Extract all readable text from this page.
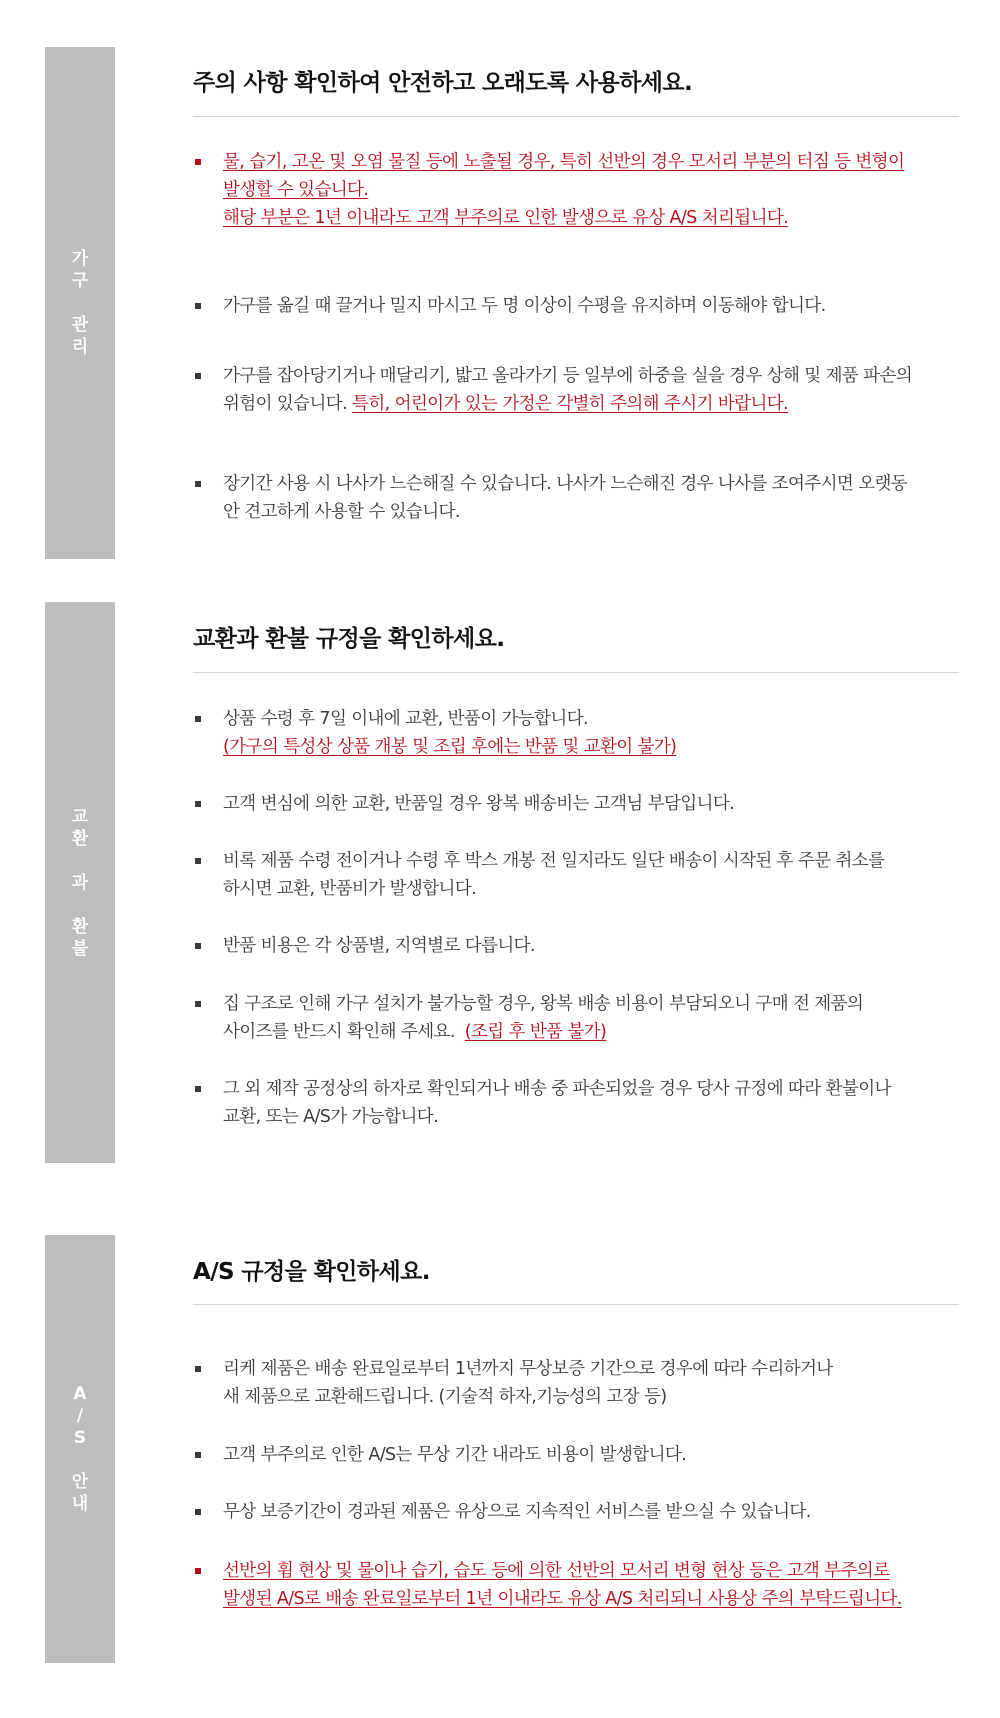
가
구
관
리
주의 사항 확인하여 안전하고 오래도록 사용하세요.
물, 습기, 고온 및 오염 물질 등에 노출될 경우, 특히 선반의 경우 모서리 부분의 터짐 등 변형이
발생할 수 있습니다.
해당 부분은 1년 이내라도 고객 부주의로 인한 발생으로 유상 A/S 처리됩니다.
가구를 옮길 때 끌거나 밀지 마시고 두 명 이상이 수평을 유지하며 이동해야 합니다.
가구를 잡아당기거나 매달리기, 밟고 올라가기 등 일부에 하중을 실을 경우 상해 및 제품 파손의
위험이 있습니다. 특히, 어린이가 있는 가정은 각별히 주의해 주시기 바랍니다.
장기간 사용 시 나사가 느슨해질 수 있습니다. 나사가 느슨해진 경우 나사를 조여주시면 오랫동
안 견고하게 사용할 수 있습니다.
교
환
과
환
불
교환과 환불 규정을 확인하세요.
상품 수령 후 7일 이내에 교환, 반품이 가능합니다.
(가구의 특성상 상품 개봉 및 조립 후에는 반품 및 교환이 불가)
고객 변심에 의한 교환, 반품일 경우 왕복 배송비는 고객님 부담입니다.
비록 제품 수령 전이거나 수령 후 박스 개봉 전 일지라도 일단 배송이 시작된 후 주문 취소를
하시면 교환, 반품비가 발생합니다.
반품 비용은 각 상품별, 지역별로 다릅니다.
집 구조로 인해 가구 설치가 불가능할 경우, 왕복 배송 비용이 부담되오니 구매 전 제품의
사이즈를 반드시 확인해 주세요. (조립 후 반품 불가)
그 외 제작 공정상의 하자로 확인되거나 배송 중 파손되었을 경우 당사 규정에 따라 환불이나
교환, 또는 A/S가 가능합니다.
A
/
S
안
내
A/S 규정을 확인하세요.
리케 제품은 배송 완료일로부터 1년까지 무상보증 기간으로 경우에 따라 수리하거나
새 제품으로 교환해드립니다. (기술적 하자,기능성의 고장 등)
고객 부주의로 인한 A/S는 무상 기간 내라도 비용이 발생합니다.
무상 보증기간이 경과된 제품은 유상으로 지속적인 서비스를 받으실 수 있습니다.
선반의 휨 현상 및 물이나 습기, 습도 등에 의한 선반의 모서리 변형 현상 등은 고객 부주의로
발생된 A/S로 배송 완료일로부터 1년 이내라도 유상 A/S 처리되니 사용상 주의 부탁드립니다.
